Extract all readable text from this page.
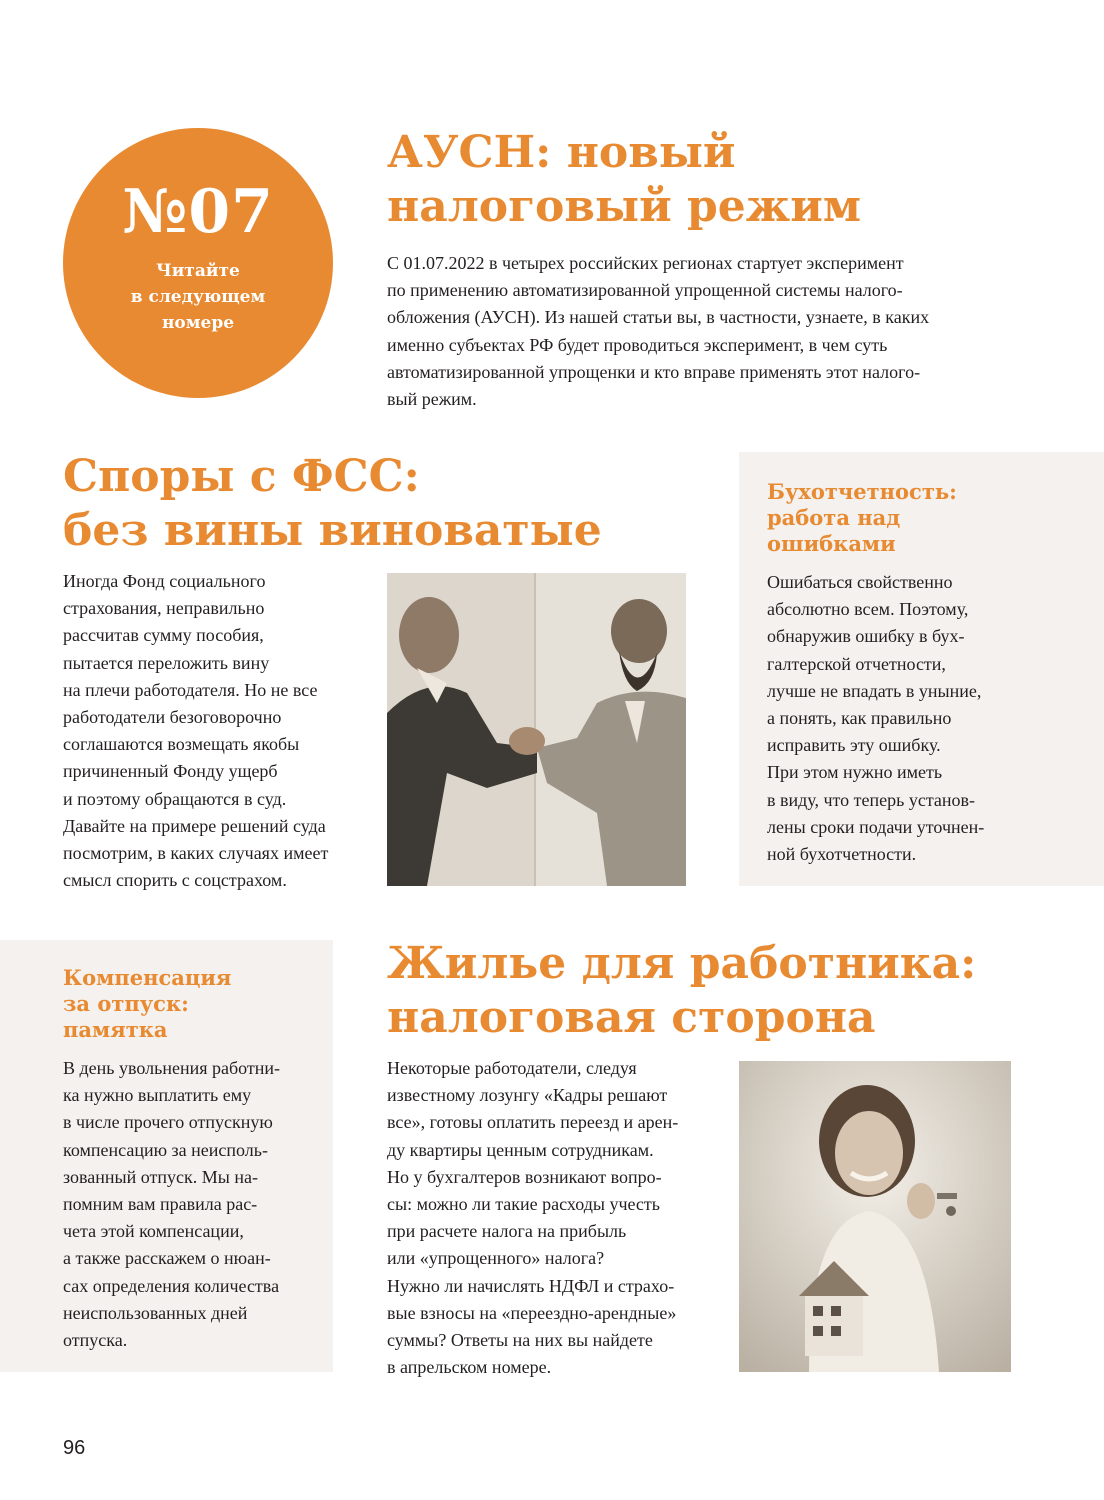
№07
Читайте
в следующем
номере
АУСН: новый
налоговый режим

С 01.07.2022 в четырех российских регионах стартует эксперимент
по применению автоматизированной упрощенной системы налого-
обложения (АУСН). Из нашей статьи вы, в частности, узнаете, в каких
именно субъектах РФ будет проводиться эксперимент, в чем суть
автоматизированной упрощенки и кто вправе применять этот налого-
вый режим.

Споры с ФСС:
без вины виноватые

Иногда Фонд социального
страхования, неправильно
рассчитав сумму пособия,
пытается переложить вину
на плечи работодателя. Но не все
работодатели безоговорочно
соглашаются возмещать якобы
причиненный Фонду ущерб
и поэтому обращаются в суд.
Давайте на примере решений суда
посмотрим, в каких случаях имеет
смысл спорить с соцстрахом.

Бухотчетность:
работа над
ошибками

Ошибаться свойственно
абсолютно всем. Поэтому,
обнаружив ошибку в бух-
галтерской отчетности,
лучше не впадать в уныние,
а понять, как правильно
исправить эту ошибку.
При этом нужно иметь
в виду, что теперь установ-
лены сроки подачи уточнен-
ной бухотчетности.

Компенсация
за отпуск:
памятка

В день увольнения работни-
ка нужно выплатить ему
в числе прочего отпускную
компенсацию за неисполь-
зованный отпуск. Мы на-
помним вам правила рас-
чета этой компенсации,
а также расскажем о нюан-
сах определения количества
неиспользованных дней
отпуска.

Жилье для работника:
налоговая сторона

Некоторые работодатели, следуя
известному лозунгу «Кадры решают
все», готовы оплатить переезд и арен-
ду квартиры ценным сотрудникам.
Но у бухгалтеров возникают вопро-
сы: можно ли такие расходы учесть
при расчете налога на прибыль
или «упрощенного» налога?
Нужно ли начислять НДФЛ и страхо-
вые взносы на «переездно-арендные»
суммы? Ответы на них вы найдете
в апрельском номере.

96
